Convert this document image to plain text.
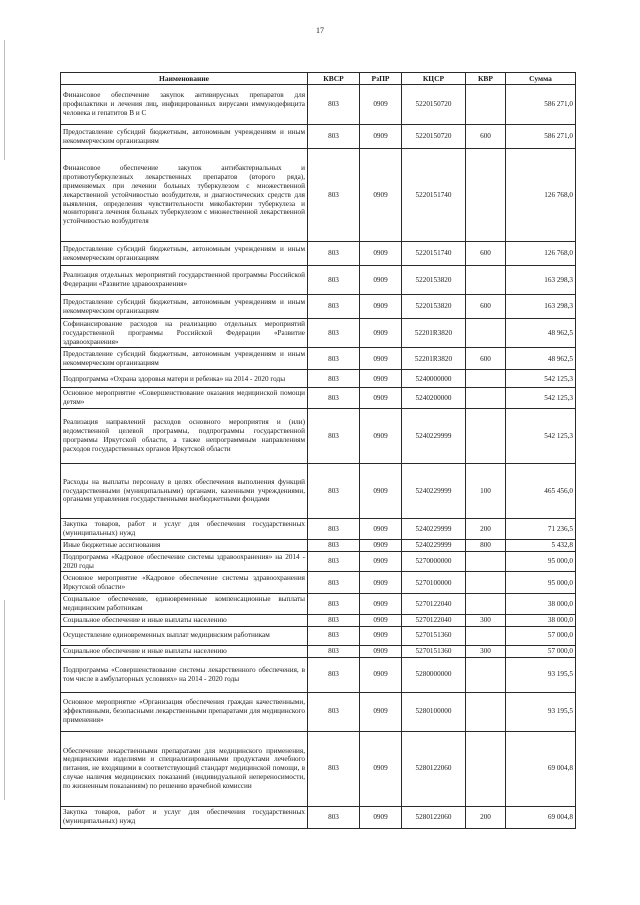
17
Наименование	КВСР	РзПР	КЦСР	КВР	Сумма
Финансовое обеспечение закупок антивирусных препаратов для профилактики и лечения лиц, инфицированных вирусами иммунодефицита человека и гепатитов В и С	803	0909	5220150720		586 271,0
Предоставление субсидий бюджетным, автономным учреждениям и иным некоммерческим организациям	803	0909	5220150720	600	586 271,0
Финансовое обеспечение закупок антибактериальных и противотуберкулезных лекарственных препаратов (второго ряда), применяемых при лечении больных туберкулезом с множественной лекарственной устойчивостью возбудителя, и диагностических средств для выявления, определения чувствительности микобактерии туберкулеза и мониторинга лечения больных туберкулезом с множественной лекарственной устойчивостью возбудителя	803	0909	5220151740		126 768,0
Предоставление субсидий бюджетным, автономным учреждениям и иным некоммерческим организациям	803	0909	5220151740	600	126 768,0
Реализация отдельных мероприятий государственной программы Российской Федерации «Развитие здравоохранения»	803	0909	5220153820		163 298,3
Предоставление субсидий бюджетным, автономным учреждениям и иным некоммерческим организациям	803	0909	5220153820	600	163 298,3
Софинансирование расходов на реализацию отдельных мероприятий государственной программы Российской Федерации «Развитие здравоохранения»	803	0909	52201R3820		48 962,5
Предоставление субсидий бюджетным, автономным учреждениям и иным некоммерческим организациям	803	0909	52201R3820	600	48 962,5
Подпрограмма «Охрана здоровья матери и ребенка» на 2014 - 2020 годы	803	0909	5240000000		542 125,3
Основное мероприятие «Совершенствование оказания медицинской помощи детям»	803	0909	5240200000		542 125,3
Реализация направлений расходов основного мероприятия и (или) ведомственной целевой программы, подпрограммы государственной программы Иркутской области, а также непрограммным направлениям расходов государственных органов Иркутской области	803	0909	5240229999		542 125,3
Расходы на выплаты персоналу в целях обеспечения выполнения функций государственными (муниципальными) органами, казенными учреждениями, органами управления государственными внебюджетными фондами	803	0909	5240229999	100	465 456,0
Закупка товаров, работ и услуг для обеспечения государственных (муниципальных) нужд	803	0909	5240229999	200	71 236,5
Иные бюджетные ассигнования	803	0909	5240229999	800	5 432,8
Подпрограмма «Кадровое обеспечение системы здравоохранения» на 2014 - 2020 годы	803	0909	5270000000		95 000,0
Основное мероприятие «Кадровое обеспечение системы здравоохранения Иркутской области»	803	0909	5270100000		95 000,0
Социальное обеспечение, единовременные компенсационные выплаты медицинским работникам	803	0909	5270122040		38 000,0
Социальное обеспечение и иные выплаты населению	803	0909	5270122040	300	38 000,0
Осуществление единовременных выплат медицинским работникам	803	0909	5270151360		57 000,0
Социальное обеспечение и иные выплаты населению	803	0909	5270151360	300	57 000,0
Подпрограмма «Совершенствование системы лекарственного обеспечения, в том числе в амбулаторных условиях» на 2014 - 2020 годы	803	0909	5280000000		93 195,5
Основное мероприятие «Организация обеспечения граждан качественными, эффективными, безопасными лекарственными препаратами для медицинского применения»	803	0909	5280100000		93 195,5
Обеспечение лекарственными препаратами для медицинского применения, медицинскими изделиями и специализированными продуктами лечебного питания, не входящими в соответствующий стандарт медицинской помощи, в случае наличия медицинских показаний (индивидуальной непереносимости, по жизненным показаниям) по решению врачебной комиссии	803	0909	5280122060		69 004,8
Закупка товаров, работ и услуг для обеспечения государственных (муниципальных) нужд	803	0909	5280122060	200	69 004,8
